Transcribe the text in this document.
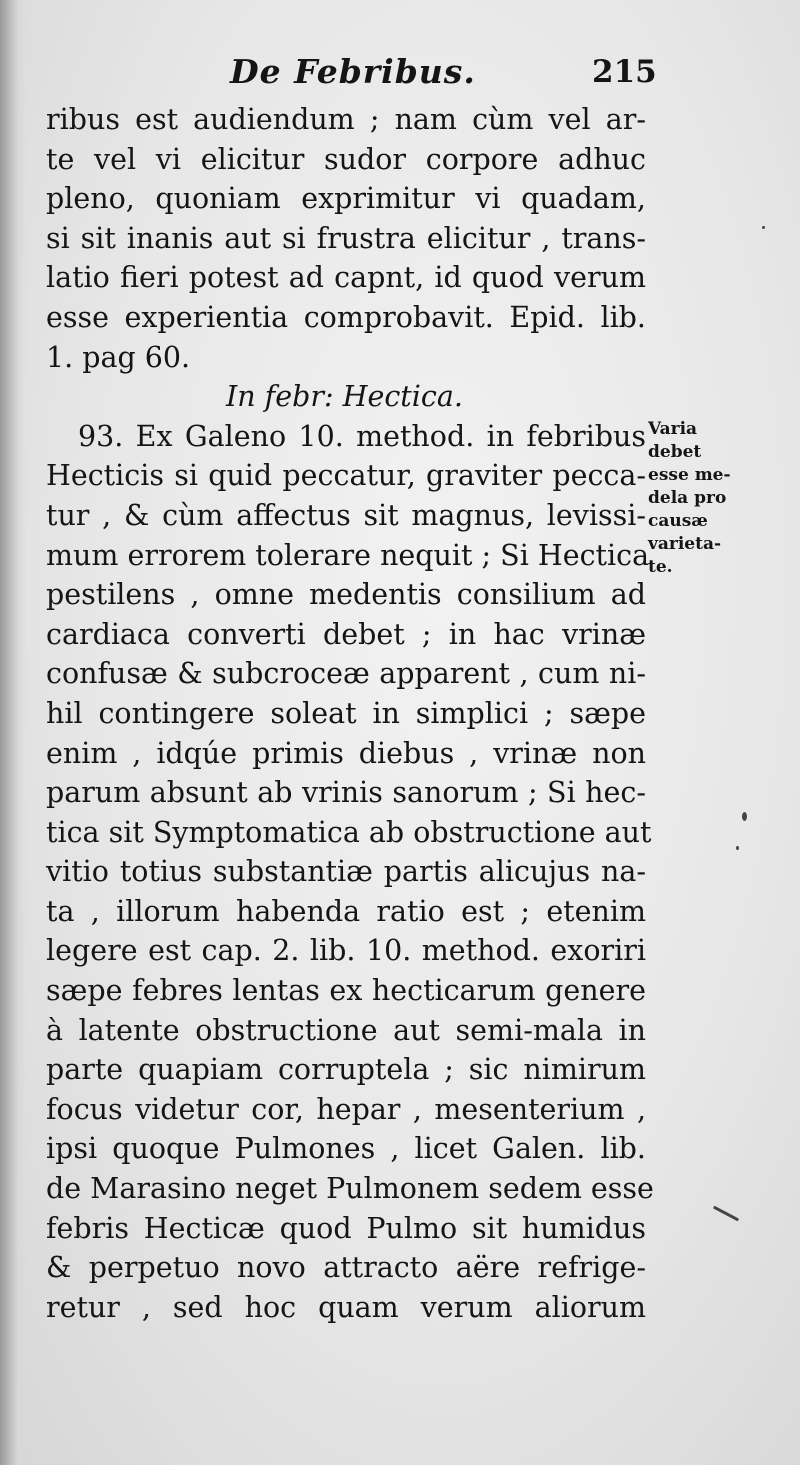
De Febribus.	215
ribus est audiendum ; nam cùm vel ar-
te vel vi elicitur sudor corpore adhuc
pleno, quoniam exprimitur vi quadam,
si sit inanis aut si frustra elicitur , trans-
latio fieri potest ad capnt, id quod verum
esse experientia comprobavit. Epid. lib.
1. pag 60.
In febr: Hectica.
93. Ex Galeno 10. method. in febribus
Hecticis si quid peccatur, graviter pecca-
tur , & cùm affectus sit magnus, levissi-
mum errorem tolerare nequit ; Si Hectica
pestilens , omne medentis consilium ad
cardiaca converti debet ; in hac vrinæ
confusæ & subcroceæ apparent , cum ni-
hil contingere soleat in simplici ; sæpe
enim , idqúe primis diebus , vrinæ non
parum absunt ab vrinis sanorum ; Si hec-
tica sit Symptomatica ab obstructione aut
vitio totius substantiæ partis alicujus na-
ta , illorum habenda ratio est ; etenim
legere est cap. 2. lib. 10. method. exoriri
sæpe febres lentas ex hecticarum genere
à latente obstructione aut semi-mala in
parte quapiam corruptela ; sic nimirum
focus videtur cor, hepar , mesenterium ,
ipsi quoque Pulmones , licet Galen. lib.
de Marasino neget Pulmonem sedem esse
febris Hecticæ quod Pulmo sit humidus
& perpetuo novo attracto aëre refrige-
retur , sed hoc quam verum aliorum
Varia
debet
esse me-
dela pro
causæ
varieta-
te.
